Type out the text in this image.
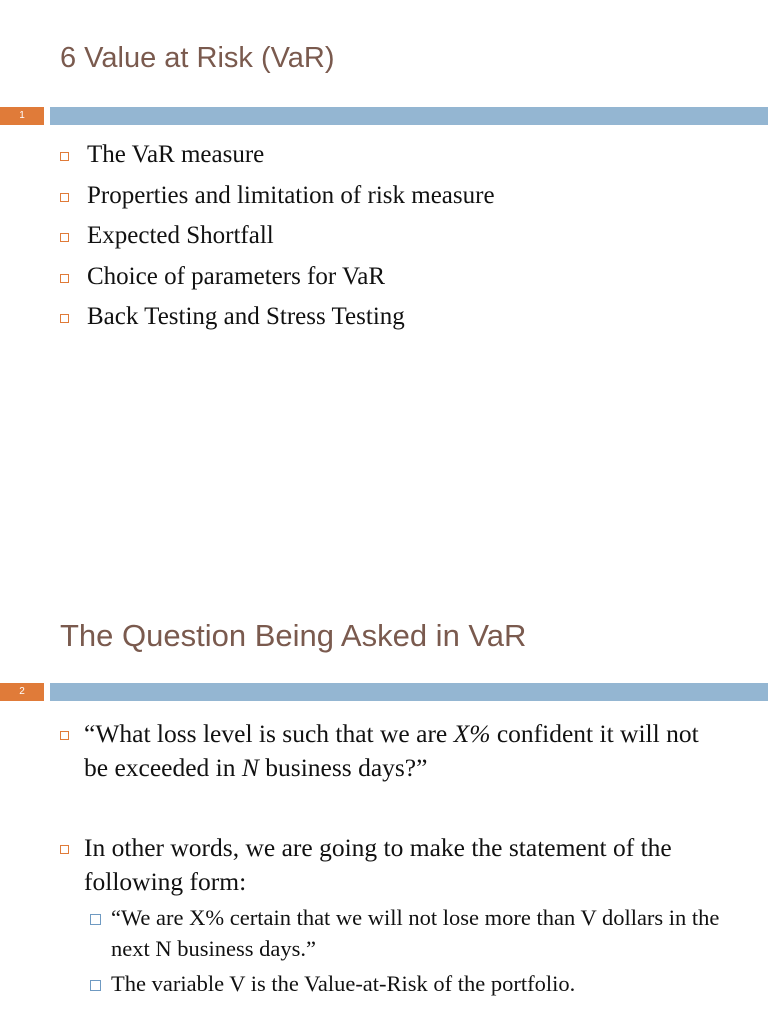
6 Value at Risk (VaR)
1
The VaR measure
Properties and limitation of risk measure
Expected Shortfall
Choice of parameters for VaR
Back Testing and Stress Testing
The Question Being Asked in VaR
2
“What loss level is such that we are X% confident it will not be exceeded in N business days?”
In other words, we are going to make the statement of the following form:
“We are X% certain that we will not lose more than V dollars in the next N business days.”
The variable V is the Value-at-Risk of the portfolio.
